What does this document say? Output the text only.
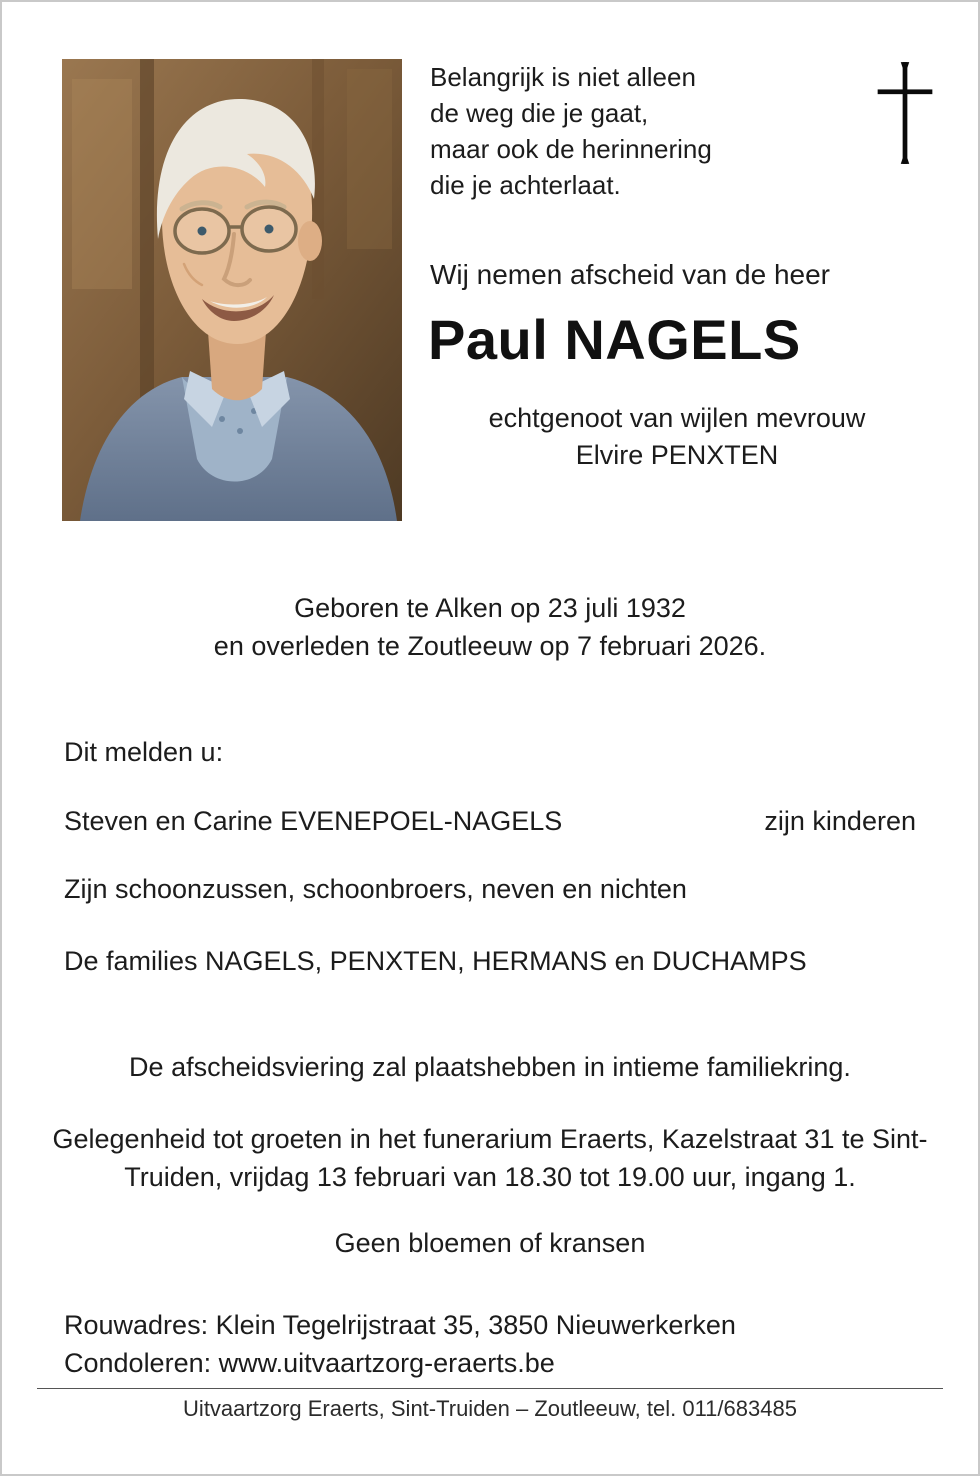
Belangrijk is niet alleen
de weg die je gaat,
maar ook de herinnering
die je achterlaat.
Wij nemen afscheid van de heer
Paul NAGELS
echtgenoot van wijlen mevrouw
Elvire PENXTEN
Geboren te Alken op 23 juli 1932
en overleden te Zoutleeuw op 7 februari 2026.
Dit melden u:
Steven en Carine EVENEPOEL-NAGELS	zijn kinderen
Zijn schoonzussen, schoonbroers, neven en nichten
De families NAGELS, PENXTEN, HERMANS en DUCHAMPS
De afscheidsviering zal plaatshebben in intieme familiekring.
Gelegenheid tot groeten in het funerarium Eraerts, Kazelstraat 31 te Sint-Truiden, vrijdag 13 februari van 18.30 tot 19.00 uur, ingang 1.
Geen bloemen of kransen
Rouwadres: Klein Tegelrijstraat 35, 3850 Nieuwerkerken
Condoleren: www.uitvaartzorg-eraerts.be
Uitvaartzorg Eraerts, Sint-Truiden – Zoutleeuw, tel. 011/683485
